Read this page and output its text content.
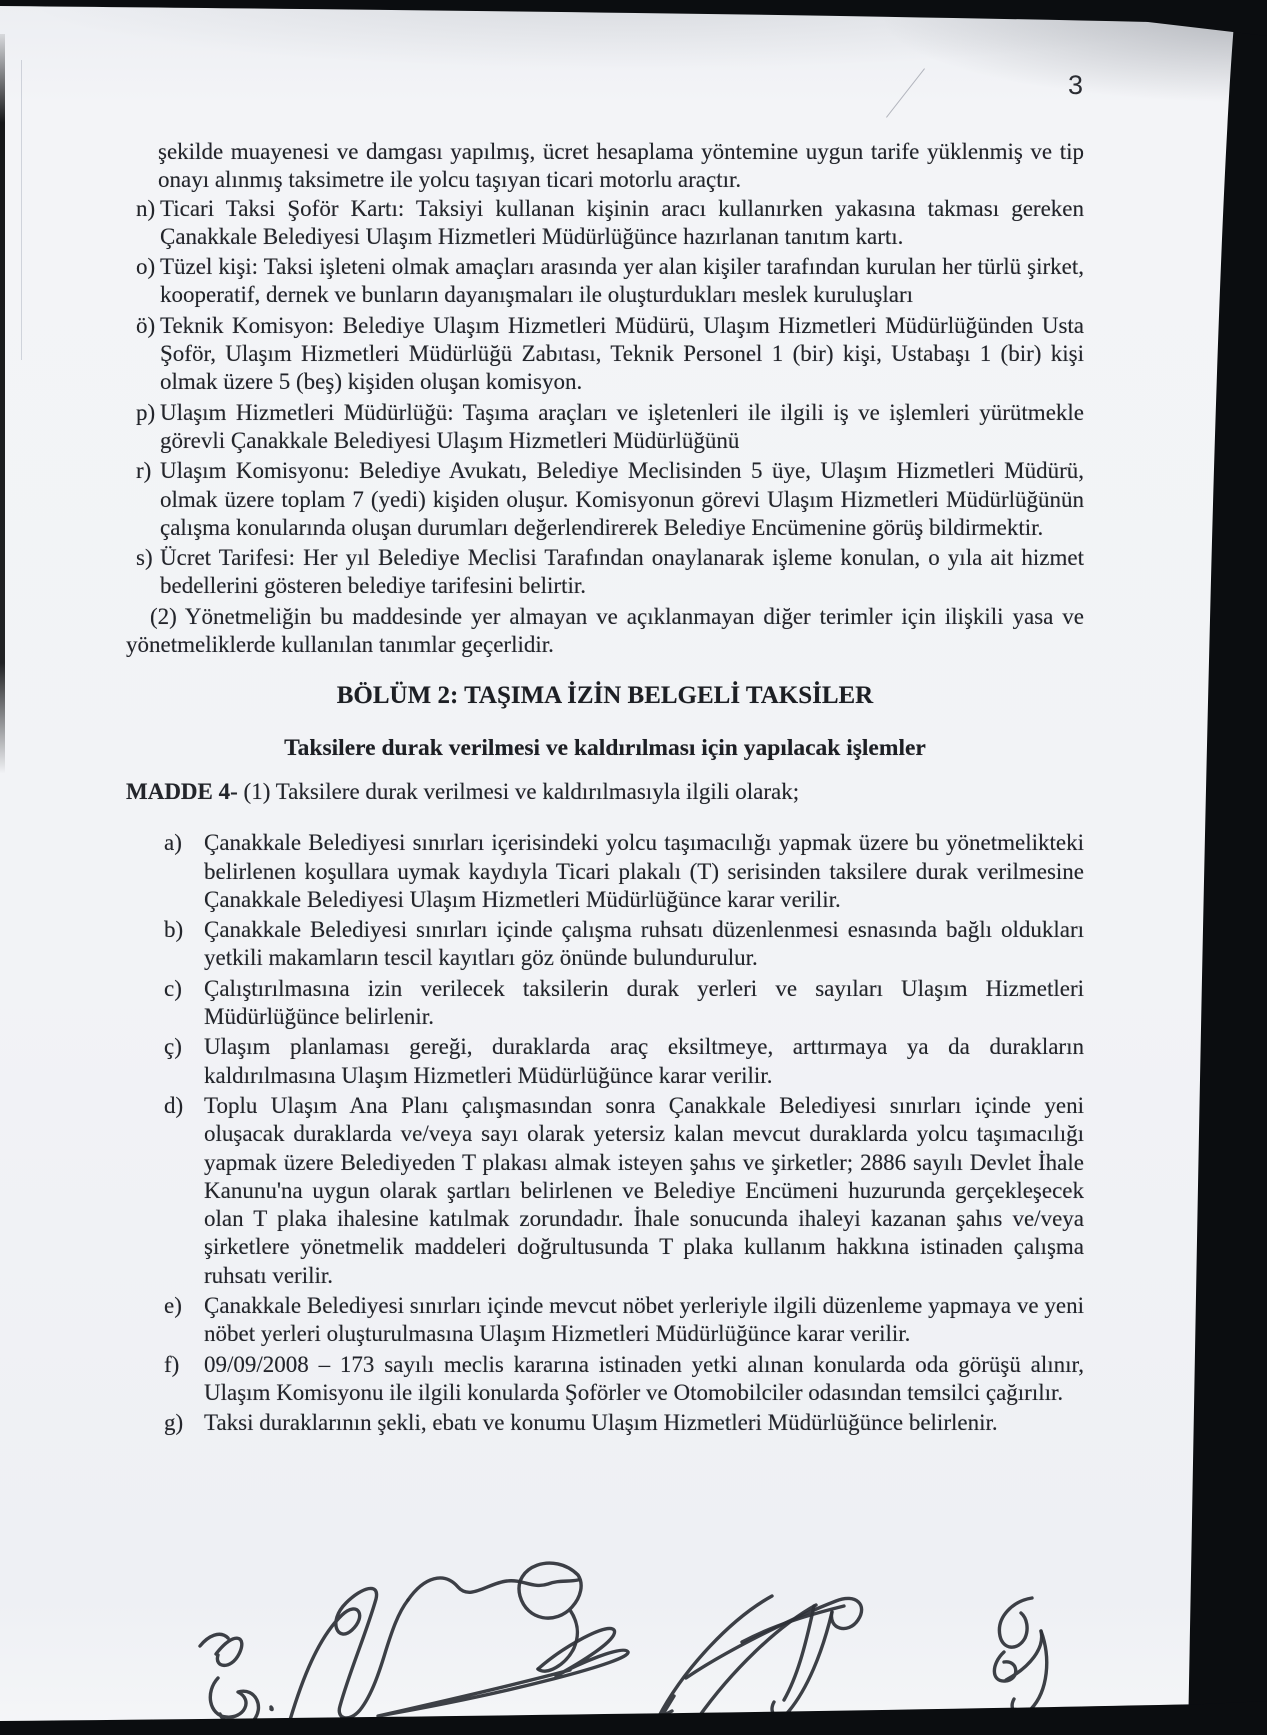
3

şekilde muayenesi ve damgası yapılmış, ücret hesaplama yöntemine uygun tarife yüklenmiş ve tip onayı alınmış taksimetre ile yolcu taşıyan ticari motorlu araçtır.

n) Ticari Taksi Şoför Kartı: Taksiyi kullanan kişinin aracı kullanırken yakasına takması gereken Çanakkale Belediyesi Ulaşım Hizmetleri Müdürlüğünce hazırlanan tanıtım kartı.
o) Tüzel kişi: Taksi işleteni olmak amaçları arasında yer alan kişiler tarafından kurulan her türlü şirket, kooperatif, dernek ve bunların dayanışmaları ile oluşturdukları meslek kuruluşları
ö) Teknik Komisyon: Belediye Ulaşım Hizmetleri Müdürü, Ulaşım Hizmetleri Müdürlüğünden Usta Şoför, Ulaşım Hizmetleri Müdürlüğü Zabıtası, Teknik Personel 1 (bir) kişi, Ustabaşı 1 (bir) kişi olmak üzere 5 (beş) kişiden oluşan komisyon.
p) Ulaşım Hizmetleri Müdürlüğü: Taşıma araçları ve işletenleri ile ilgili iş ve işlemleri yürütmekle görevli Çanakkale Belediyesi Ulaşım Hizmetleri Müdürlüğünü
r) Ulaşım Komisyonu: Belediye Avukatı, Belediye Meclisinden 5 üye, Ulaşım Hizmetleri Müdürü, olmak üzere toplam 7 (yedi) kişiden oluşur. Komisyonun görevi Ulaşım Hizmetleri Müdürlüğünün çalışma konularında oluşan durumları değerlendirerek Belediye Encümenine görüş bildirmektir.
s) Ücret Tarifesi: Her yıl Belediye Meclisi Tarafından onaylanarak işleme konulan, o yıla ait hizmet bedellerini gösteren belediye tarifesini belirtir.

(2) Yönetmeliğin bu maddesinde yer almayan ve açıklanmayan diğer terimler için ilişkili yasa ve yönetmeliklerde kullanılan tanımlar geçerlidir.

BÖLÜM 2: TAŞIMA İZİN BELGELİ TAKSİLER
Taksilere durak verilmesi ve kaldırılması için yapılacak işlemler

MADDE 4- (1) Taksilere durak verilmesi ve kaldırılmasıyla ilgili olarak;

a) Çanakkale Belediyesi sınırları içerisindeki yolcu taşımacılığı yapmak üzere bu yönetmelikteki belirlenen koşullara uymak kaydıyla Ticari plakalı (T) serisinden taksilere durak verilmesine Çanakkale Belediyesi Ulaşım Hizmetleri Müdürlüğünce karar verilir.
b) Çanakkale Belediyesi sınırları içinde çalışma ruhsatı düzenlenmesi esnasında bağlı oldukları yetkili makamların tescil kayıtları göz önünde bulundurulur.
c) Çalıştırılmasına izin verilecek taksilerin durak yerleri ve sayıları Ulaşım Hizmetleri Müdürlüğünce belirlenir.
ç) Ulaşım planlaması gereği, duraklarda araç eksiltmeye, arttırmaya ya da durakların kaldırılmasına Ulaşım Hizmetleri Müdürlüğünce karar verilir.
d) Toplu Ulaşım Ana Planı çalışmasından sonra Çanakkale Belediyesi sınırları içinde yeni oluşacak duraklarda ve/veya sayı olarak yetersiz kalan mevcut duraklarda yolcu taşımacılığı yapmak üzere Belediyeden T plakası almak isteyen şahıs ve şirketler; 2886 sayılı Devlet İhale Kanunu'na uygun olarak şartları belirlenen ve Belediye Encümeni huzurunda gerçekleşecek olan T plaka ihalesine katılmak zorundadır. İhale sonucunda ihaleyi kazanan şahıs ve/veya şirketlere yönetmelik maddeleri doğrultusunda T plaka kullanım hakkına istinaden çalışma ruhsatı verilir.
e) Çanakkale Belediyesi sınırları içinde mevcut nöbet yerleriyle ilgili düzenleme yapmaya ve yeni nöbet yerleri oluşturulmasına Ulaşım Hizmetleri Müdürlüğünce karar verilir.
f) 09/09/2008 – 173 sayılı meclis kararına istinaden yetki alınan konularda oda görüşü alınır, Ulaşım Komisyonu ile ilgili konularda Şoförler ve Otomobilciler odasından temsilci çağırılır.
g) Taksi duraklarının şekli, ebatı ve konumu Ulaşım Hizmetleri Müdürlüğünce belirlenir.
